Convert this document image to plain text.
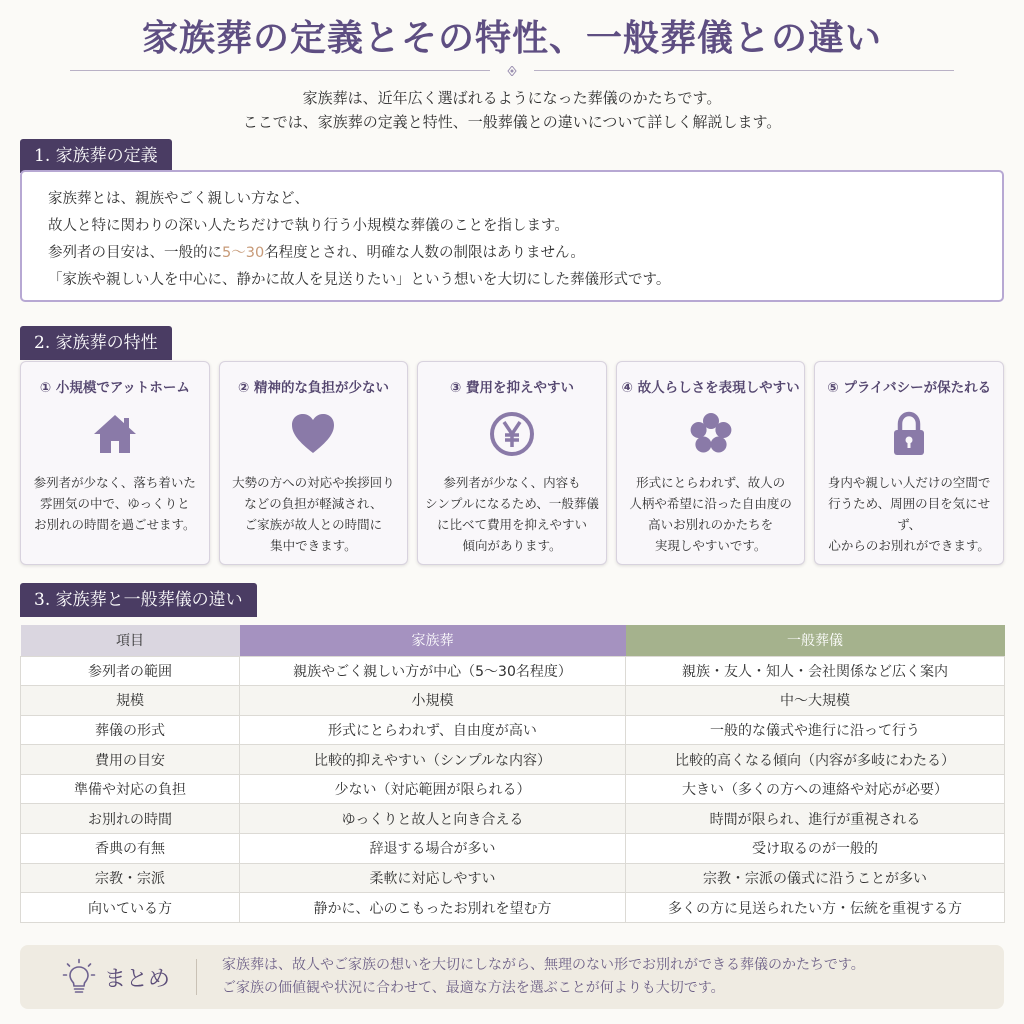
家族葬の定義とその特性、一般葬儀との違い
家族葬は、近年広く選ばれるようになった葬儀のかたちです。
ここでは、家族葬の定義と特性、一般葬儀との違いについて詳しく解説します。
1. 家族葬の定義

家族葬とは、親族やごく親しい方など、

故人と特に関わりの深い人たちだけで執り行う小規模な葬儀のことを指します。

参列者の目安は、一般的に5〜30名程度とされ、明確な人数の制限はありません。

「家族や親しい人を中心に、静かに故人を見送りたい」という想いを大切にした葬儀形式です。

2. 家族葬の特性
① 小規模でアットホーム
参列者が少なく、落ち着いた
雰囲気の中で、ゆっくりと
お別れの時間を過ごせます。
② 精神的な負担が少ない
大勢の方への対応や挨拶回り
などの負担が軽減され、
ご家族が故人との時間に
集中できます。
③ 費用を抑えやすい
参列者が少なく、内容も
シンプルになるため、一般葬儀
に比べて費用を抑えやすい
傾向があります。
④ 故人らしさを表現しやすい
形式にとらわれず、故人の
人柄や希望に沿った自由度の
高いお別れのかたちを
実現しやすいです。
⑤ プライバシーが保たれる
身内や親しい人だけの空間で
行うため、周囲の目を気にせず、
心からのお別れができます。
3. 家族葬と一般葬儀の違い
項目	家族葬	一般葬儀
参列者の範囲	親族やごく親しい方が中心（5〜30名程度）	親族・友人・知人・会社関係など広く案内
規模	小規模	中〜大規模
葬儀の形式	形式にとらわれず、自由度が高い	一般的な儀式や進行に沿って行う
費用の目安	比較的抑えやすい（シンプルな内容）	比較的高くなる傾向（内容が多岐にわたる）
準備や対応の負担	少ない（対応範囲が限られる）	大きい（多くの方への連絡や対応が必要）
お別れの時間	ゆっくりと故人と向き合える	時間が限られ、進行が重視される
香典の有無	辞退する場合が多い	受け取るのが一般的
宗教・宗派	柔軟に対応しやすい	宗教・宗派の儀式に沿うことが多い
向いている方	静かに、心のこもったお別れを望む方	多くの方に見送られたい方・伝統を重視する方
まとめ
家族葬は、故人やご家族の想いを大切にしながら、無理のない形でお別れができる葬儀のかたちです。
ご家族の価値観や状況に合わせて、最適な方法を選ぶことが何よりも大切です。
